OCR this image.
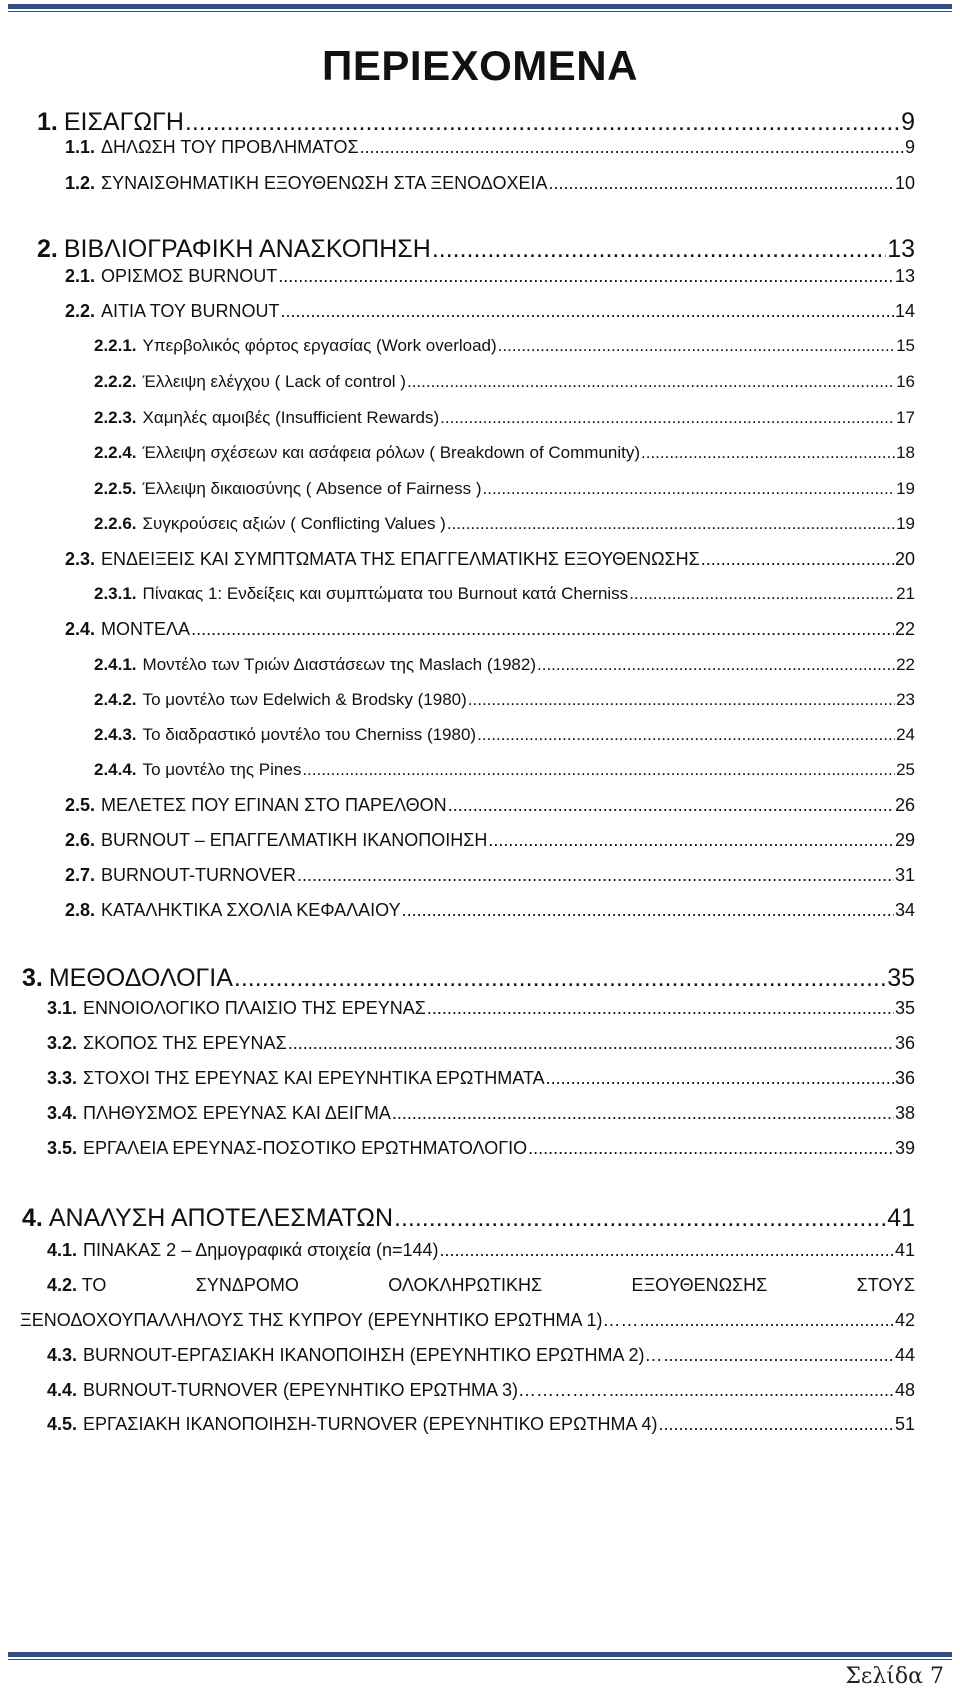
ΠΕΡΙΕΧΟΜΕΝΑ
1. ΕΙΣΑΓΩΓΗ .....	9
1.1. ΔΗΛΩΣΗ ΤΟΥ ΠΡΟΒΛΗΜΑΤΟΣ .....	9
1.2. ΣΥΝΑΙΣΘΗΜΑΤΙΚΗ ΕΞΟΥΘΕΝΩΣΗ ΣΤΑ ΞΕΝΟΔΟΧΕΙΑ .....	10
2. ΒΙΒΛΙΟΓΡΑΦΙΚΗ ΑΝΑΣΚΟΠΗΣΗ .....	13
2.1. ΟΡΙΣΜΟΣ BURNOUT .....	13
2.2. ΑΙΤΙΑ ΤΟΥ BURNOUT .....	14
2.2.1. Υπερβολικός φόρτος εργασίας (Work overload) .....	15
2.2.2. Έλλειψη ελέγχου ( Lack of control ) .....	16
2.2.3. Χαμηλές αμοιβές (Insufficient Rewards) .....	17
2.2.4. Έλλειψη σχέσεων και ασάφεια ρόλων ( Breakdown of Community) .....	18
2.2.5. Έλλειψη δικαιοσύνης ( Absence of Fairness ) .....	19
2.2.6. Συγκρούσεις αξιών ( Conflicting Values ) .....	19
2.3. ΕΝΔΕΙΞΕΙΣ ΚΑΙ ΣΥΜΠΤΩΜΑΤΑ ΤΗΣ ΕΠΑΓΓΕΛΜΑΤΙΚΗΣ ΕΞΟΥΘΕΝΩΣΗΣ .....	20
2.3.1. Πίνακας 1: Ενδείξεις και συμπτώματα του Burnout κατά Cherniss .....	21
2.4. ΜΟΝΤΕΛΑ .....	22
2.4.1. Μοντέλο των Τριών Διαστάσεων της Maslach (1982) .....	22
2.4.2. Το μοντέλο των Edelwich & Brodsky (1980) .....	23
2.4.3. Το διαδραστικό μοντέλο του Cherniss (1980) .....	24
2.4.4. Το μοντέλο της Pines .....	25
2.5. ΜΕΛΕΤΕΣ ΠΟΥ ΕΓΙΝΑΝ ΣΤΟ ΠΑΡΕΛΘΟΝ .....	26
2.6. BURNOUT – ΕΠΑΓΓΕΛΜΑΤΙΚΗ ΙΚΑΝΟΠΟΙΗΣΗ .....	29
2.7. BURNOUT-TURNOVER .....	31
2.8. ΚΑΤΑΛΗΚΤΙΚΑ ΣΧΟΛΙΑ ΚΕΦΑΛΑΙΟΥ .....	34
3. ΜΕΘΟΔΟΛΟΓΙΑ .....	35
3.1. ΕΝΝΟΙΟΛΟΓΙΚΟ ΠΛΑΙΣΙΟ ΤΗΣ ΕΡΕΥΝΑΣ .....	35
3.2. ΣΚΟΠΟΣ ΤΗΣ ΕΡΕΥΝΑΣ .....	36
3.3. ΣΤΟΧΟΙ ΤΗΣ ΕΡΕΥΝΑΣ ΚΑΙ ΕΡΕΥΝΗΤΙΚΑ ΕΡΩΤΗΜΑΤΑ .....	36
3.4. ΠΛΗΘΥΣΜΟΣ ΕΡΕΥΝΑΣ ΚΑΙ ΔΕΙΓΜΑ .....	38
3.5. ΕΡΓΑΛΕΙΑ ΕΡΕΥΝΑΣ-ΠΟΣΟΤΙΚΟ ΕΡΩΤΗΜΑΤΟΛΟΓΙΟ .....	39
4. ΑΝΑΛΥΣΗ ΑΠΟΤΕΛΕΣΜΑΤΩΝ .....	41
4.1. ΠΙΝΑΚΑΣ 2 – Δημογραφικά στοιχεία (n=144) .....	41
4.2. ΤΟ	ΣΥΝΔΡΟΜΟ	ΟΛΟΚΛΗΡΩΤΙΚΗΣ	ΕΞΟΥΘΕΝΩΣΗΣ	ΣΤΟΥΣ
ΞΕΝΟΔΟΧΟΥΠΑΛΛΗΛΟΥΣ ΤΗΣ ΚΥΠΡΟΥ (ΕΡΕΥΝΗΤΙΚΟ ΕΡΩΤΗΜΑ 1)…… .....	42
4.3. BURNOUT-ΕΡΓΑΣΙΑΚΗ ΙΚΑΝΟΠΟΙΗΣΗ (ΕΡΕΥΝΗΤΙΚΟ ΕΡΩΤΗΜΑ 2)… .....	44
4.4. BURNOUT-TURNOVER (ΕΡΕΥΝΗΤΙΚΟ ΕΡΩΤΗΜΑ 3)…………… .....	48
4.5. ΕΡΓΑΣΙΑΚΗ ΙΚΑΝΟΠΟΙΗΣΗ-TURNOVER (ΕΡΕΥΝΗΤΙΚΟ ΕΡΩΤΗΜΑ 4) .....	51
Σελίδα 7
